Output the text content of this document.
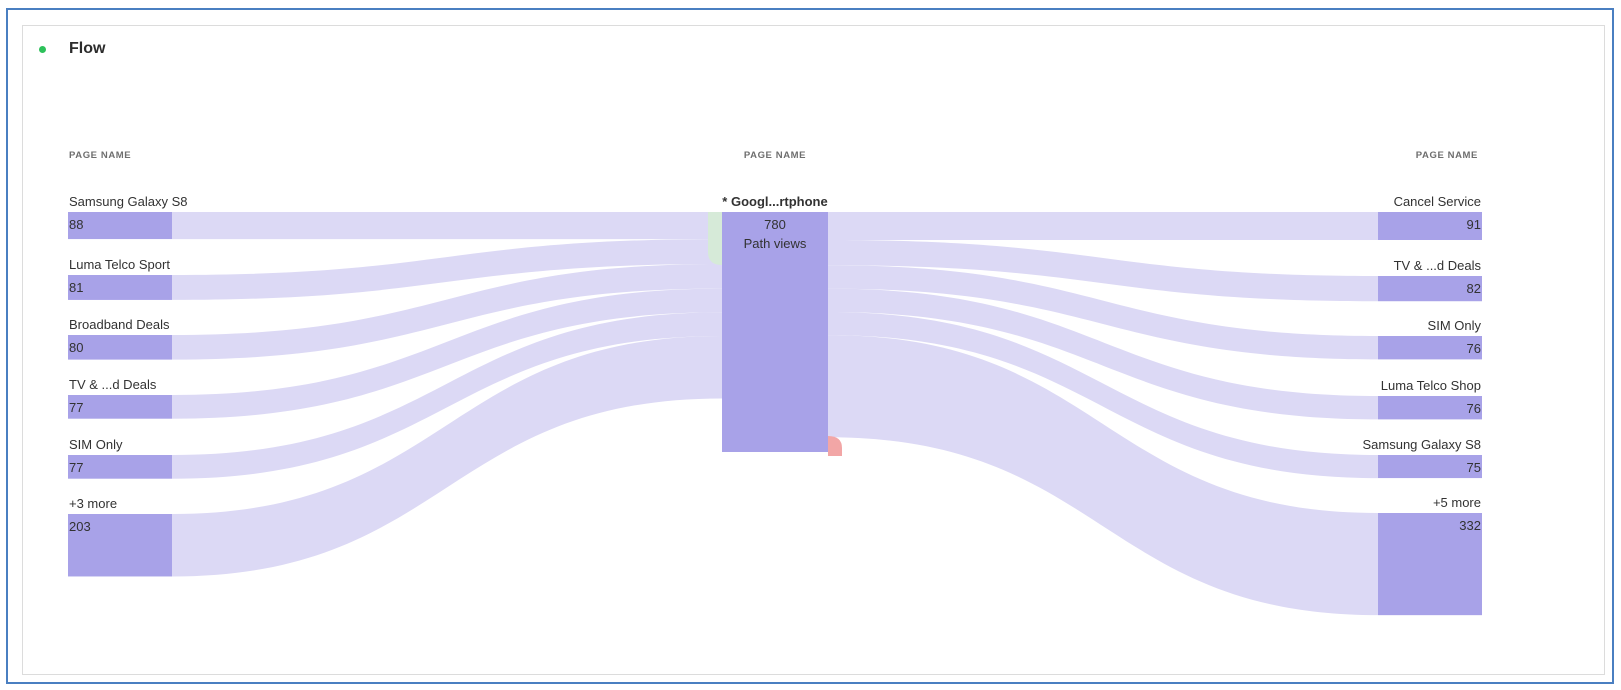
Flow
PAGE NAME	PAGE NAME	PAGE NAME
Samsung Galaxy S8
88
Luma Telco Sport
81
Broadband Deals
80
TV & ...d Deals
77
SIM Only
77
+3 more
203
Cancel Service
91
TV & ...d Deals
82
SIM Only
76
Luma Telco Shop
76
Samsung Galaxy S8
75
+5 more
332
* Googl...rtphone
780
Path views
